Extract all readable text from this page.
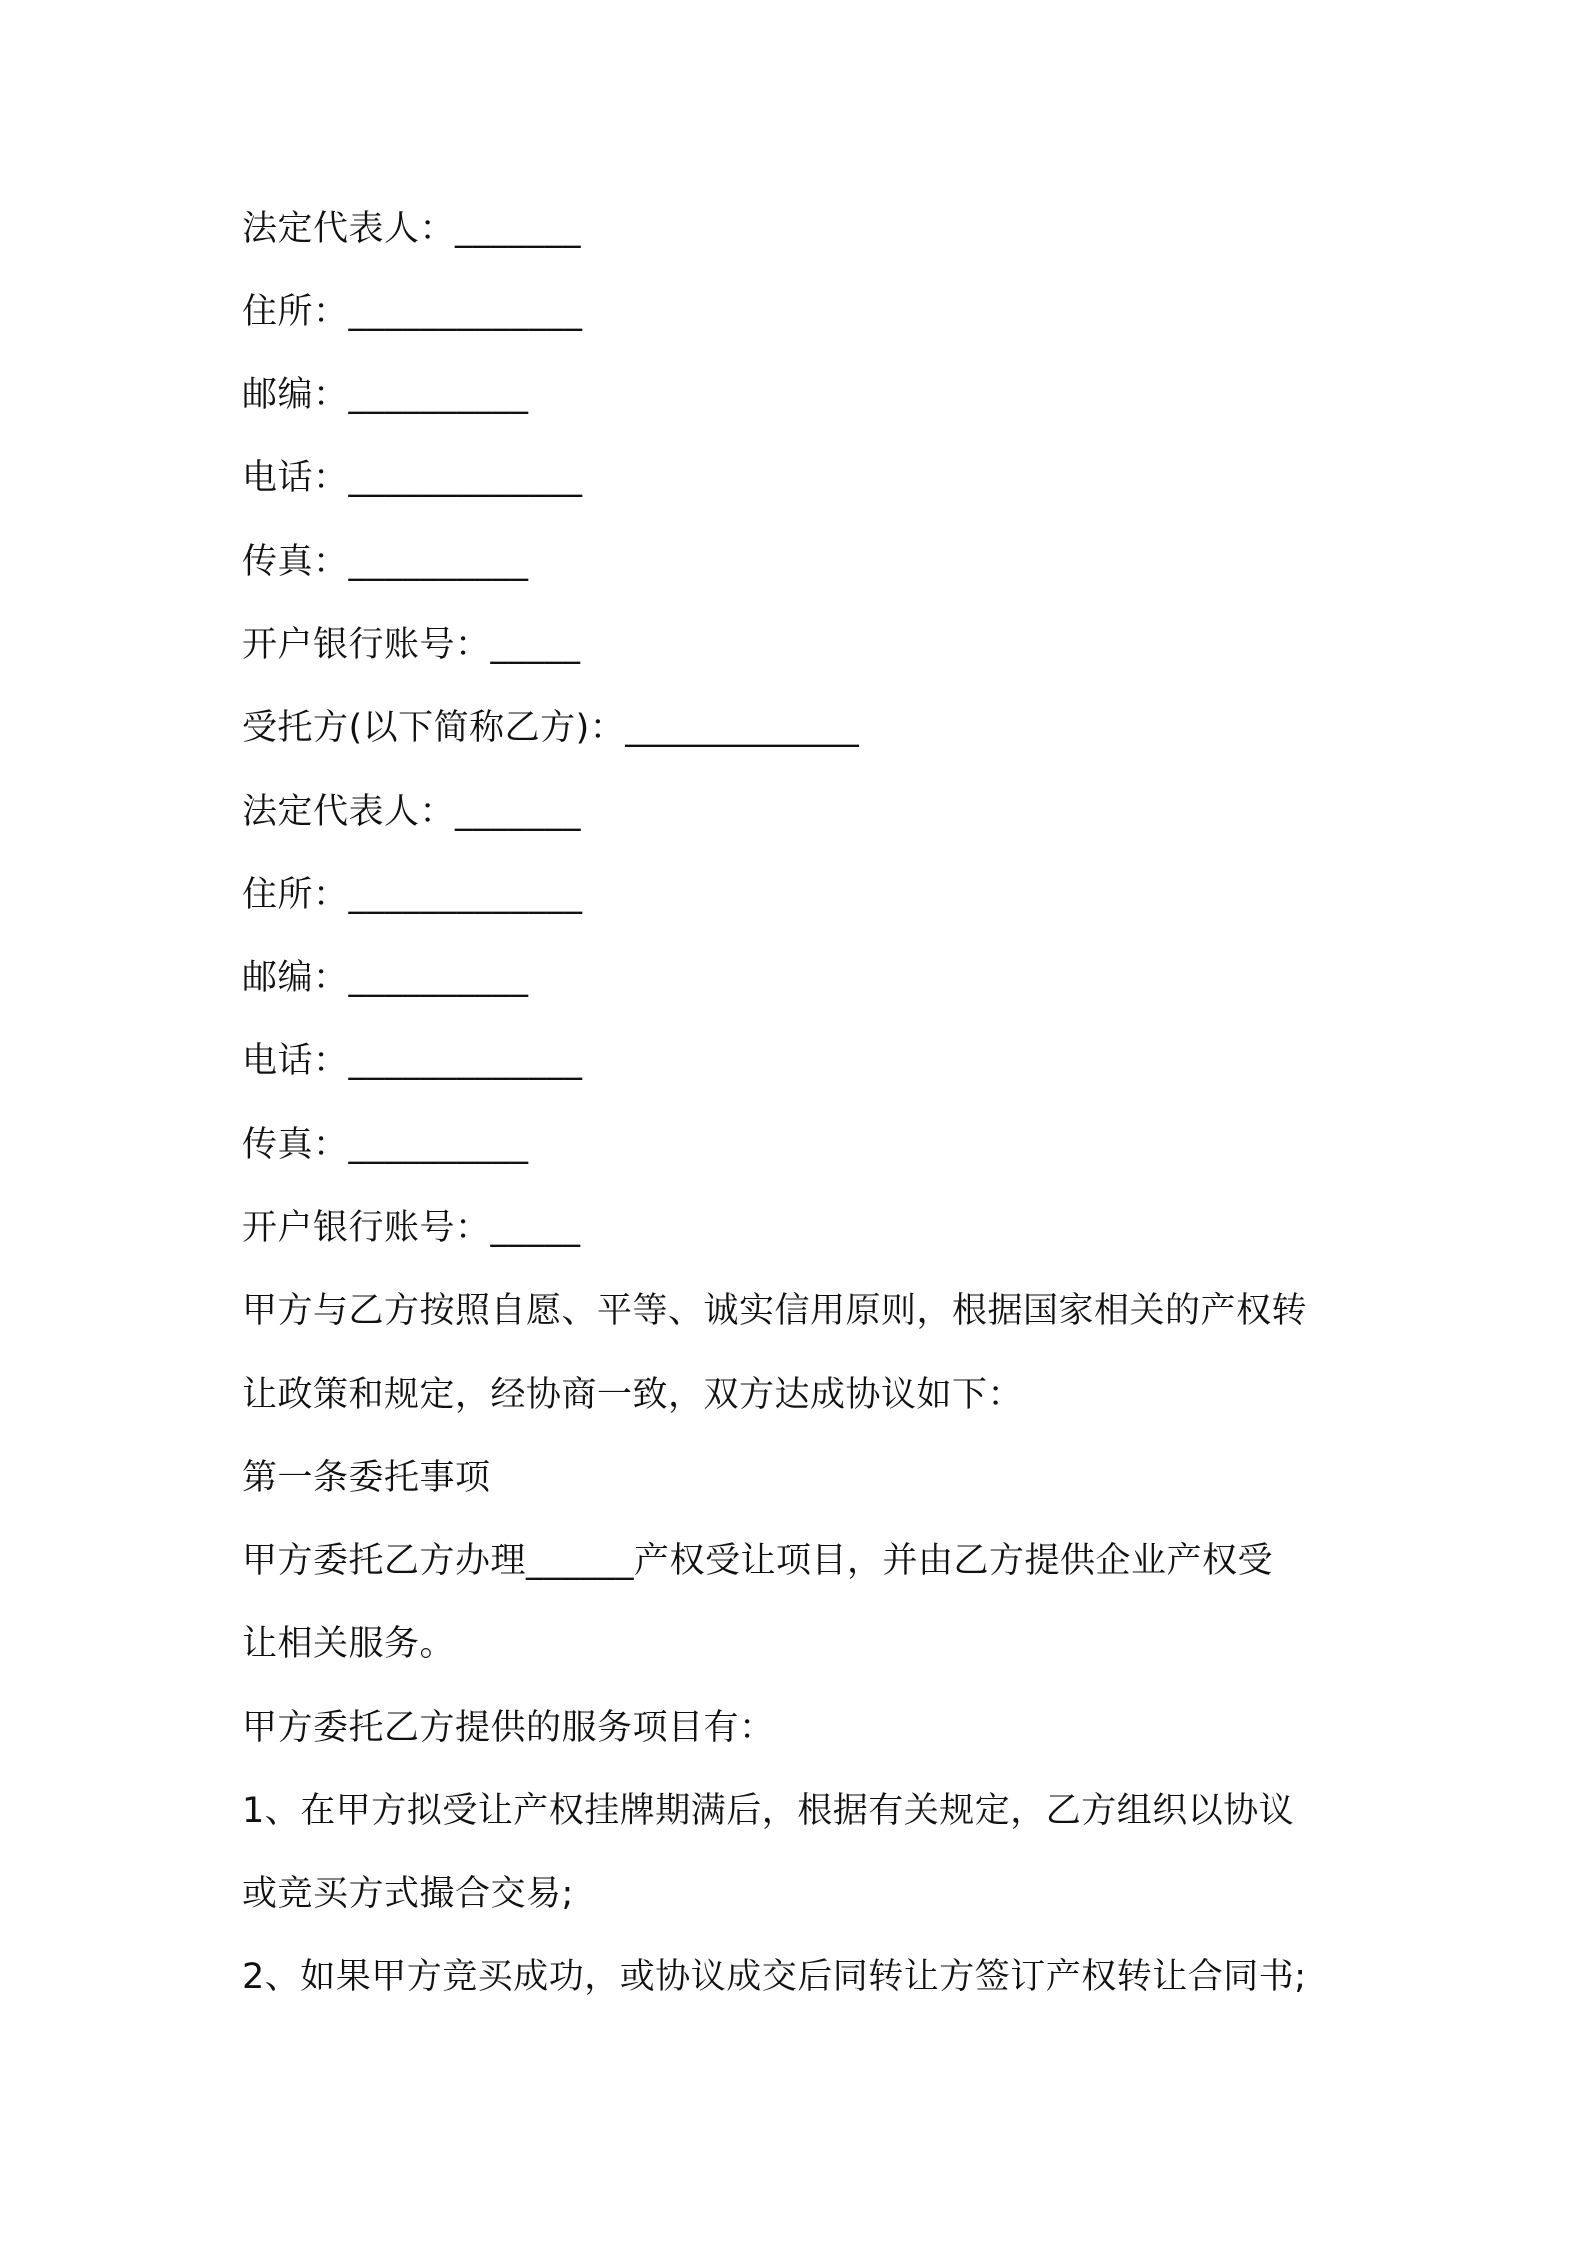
法定代表人：_______
住所：_____________
邮编：__________
电话：_____________
传真：__________
开户银行账号：_____
受托方(以下简称乙方)：_____________
法定代表人：_______
住所：_____________
邮编：__________
电话：_____________
传真：__________
开户银行账号：_____
甲方与乙方按照自愿、平等、诚实信用原则，根据国家相关的产权转
让政策和规定，经协商一致，双方达成协议如下：
第一条委托事项
甲方委托乙方办理______产权受让项目，并由乙方提供企业产权受
让相关服务。
甲方委托乙方提供的服务项目有：
1、在甲方拟受让产权挂牌期满后，根据有关规定，乙方组织以协议
或竞买方式撮合交易;
2、如果甲方竞买成功，或协议成交后同转让方签订产权转让合同书;
